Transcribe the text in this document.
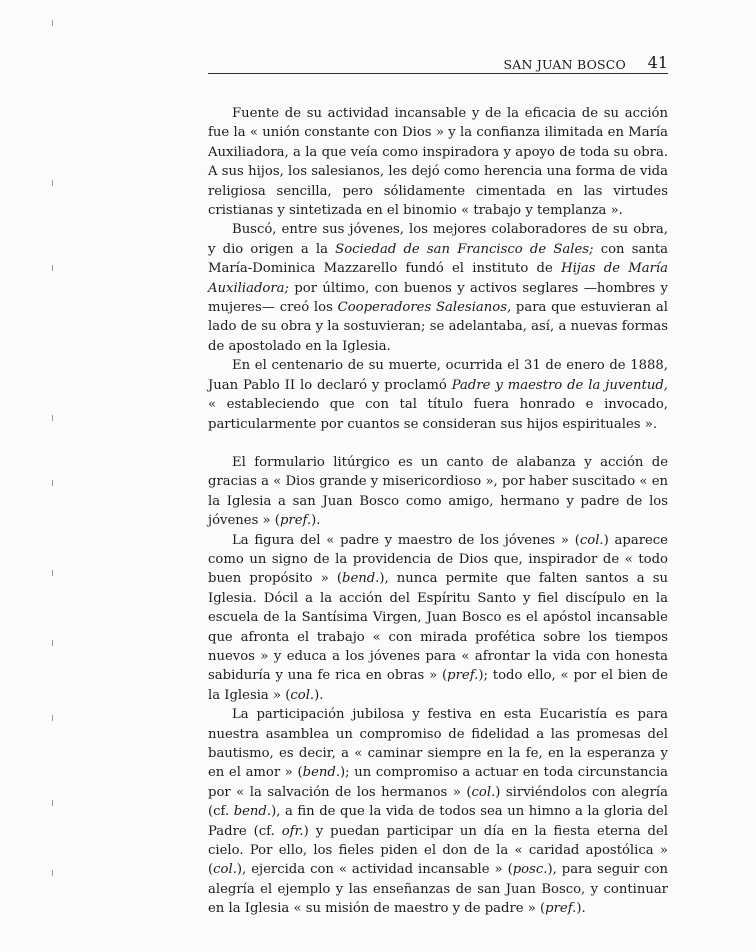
SAN JUAN BOSCO 41

Fuente de su actividad incansable y de la eficacia de su acción fue la « unión constante con Dios » y la confianza ilimitada en María Auxiliadora, a la que veía como inspiradora y apoyo de toda su obra. A sus hijos, los salesianos, les dejó como herencia una forma de vida religiosa sencilla, pero sólidamente cimentada en las virtudes cristianas y sintetizada en el binomio « trabajo y templanza ».

Buscó, entre sus jóvenes, los mejores colaboradores de su obra, y dio origen a la Sociedad de san Francisco de Sales; con santa María-Dominica Mazzarello fundó el instituto de Hijas de María Auxiliadora; por último, con buenos y activos seglares —hombres y mujeres— creó los Cooperadores Salesianos, para que estuvieran al lado de su obra y la sostuvieran; se adelantaba, así, a nuevas formas de apostolado en la Iglesia.

En el centenario de su muerte, ocurrida el 31 de enero de 1888, Juan Pablo II lo declaró y proclamó Padre y maestro de la juventud, « estableciendo que con tal título fuera honrado e invocado, particularmente por cuantos se consideran sus hijos espirituales ».

El formulario litúrgico es un canto de alabanza y acción de gracias a « Dios grande y misericordioso », por haber suscitado « en la Iglesia a san Juan Bosco como amigo, hermano y padre de los jóvenes » (pref.).

La figura del « padre y maestro de los jóvenes » (col.) aparece como un signo de la providencia de Dios que, inspirador de « todo buen propósito » (bend.), nunca permite que falten santos a su Iglesia. Dócil a la acción del Espíritu Santo y fiel discípulo en la escuela de la Santísima Virgen, Juan Bosco es el apóstol incansable que afronta el trabajo « con mirada profética sobre los tiempos nuevos » y educa a los jóvenes para « afrontar la vida con honesta sabiduría y una fe rica en obras » (pref.); todo ello, « por el bien de la Iglesia » (col.).

La participación jubilosa y festiva en esta Eucaristía es para nuestra asamblea un compromiso de fidelidad a las promesas del bautismo, es decir, a « caminar siempre en la fe, en la esperanza y en el amor » (bend.); un compromiso a actuar en toda circunstancia por « la salvación de los hermanos » (col.) sirviéndolos con alegría (cf. bend.), a fin de que la vida de todos sea un himno a la gloria del Padre (cf. ofr.) y puedan participar un día en la fiesta eterna del cielo. Por ello, los fieles piden el don de la « caridad apostólica » (col.), ejercida con « actividad incansable » (posc.), para seguir con alegría el ejemplo y las enseñanzas de san Juan Bosco, y continuar en la Iglesia « su misión de maestro y de padre » (pref.).
